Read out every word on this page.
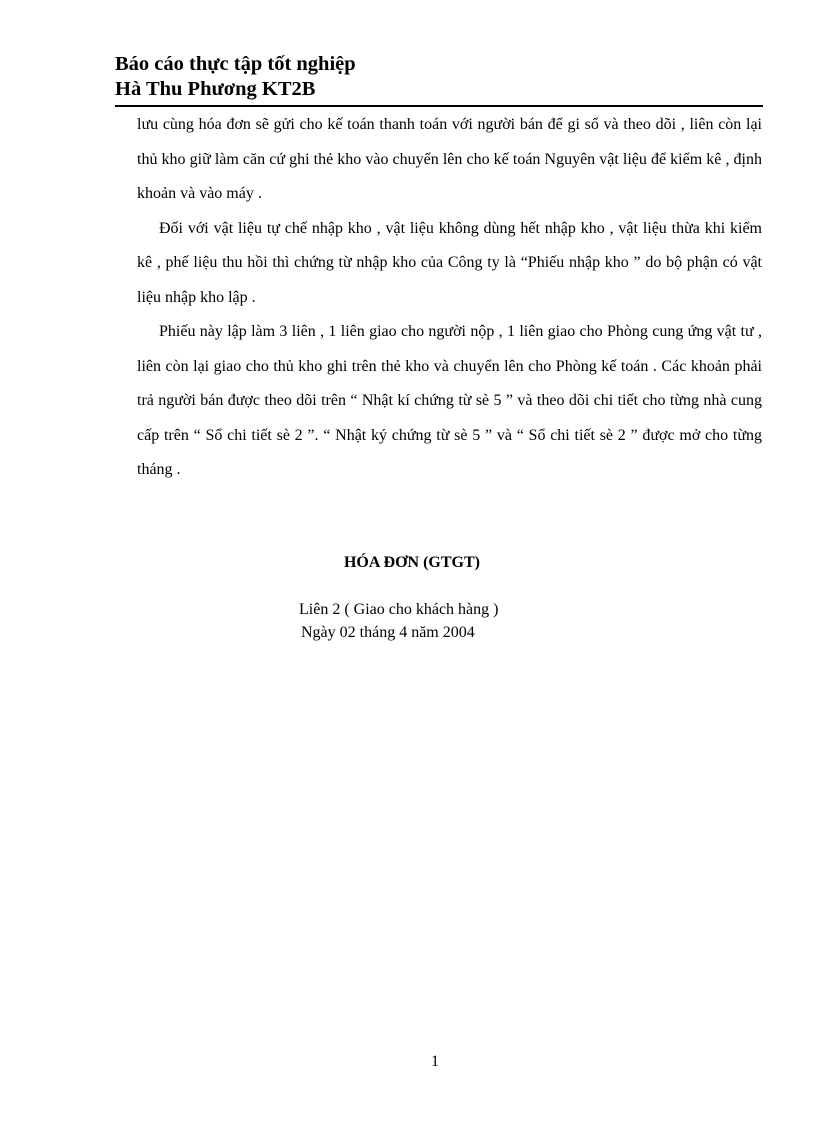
Báo cáo thực tập tốt nghiệp
Hà Thu Phương KT2B

lưu cùng hóa đơn sẽ gửi cho kế toán thanh toán với người bán để gi sổ và theo dõi , liên còn lại thủ kho giữ làm căn cứ ghi thẻ kho vào chuyển lên cho kế toán Nguyên vật liệu để kiểm kê , định khoản và vào máy .

Đối với vật liệu tự chế nhập kho , vật liệu không dùng hết nhập kho , vật liệu thừa khi kiểm kê , phế liệu thu hồi thì chứng từ nhập kho của Công ty là “Phiếu nhập kho ” do bộ phận có vật liệu nhập kho lập .

Phiếu này lập làm 3 liên , 1 liên giao cho người nộp , 1 liên giao cho Phòng cung ứng vật tư , liên còn lại giao cho thủ kho ghi trên thẻ kho và chuyển lên cho Phòng kế toán . Các khoản phải trả người bán được theo dõi trên “ Nhật kí chứng từ sè 5 ” và theo dõi chi tiết cho từng nhà cung cấp trên “ Sổ chi tiết sè 2 ”. “ Nhật ký chứng từ sè 5 ” và “ Sổ chi tiết sè 2 ” được mở cho từng tháng .

HÓA ĐƠN (GTGT)
Liên 2 ( Giao cho khách hàng )
Ngày 02 tháng 4 năm 2004
1
